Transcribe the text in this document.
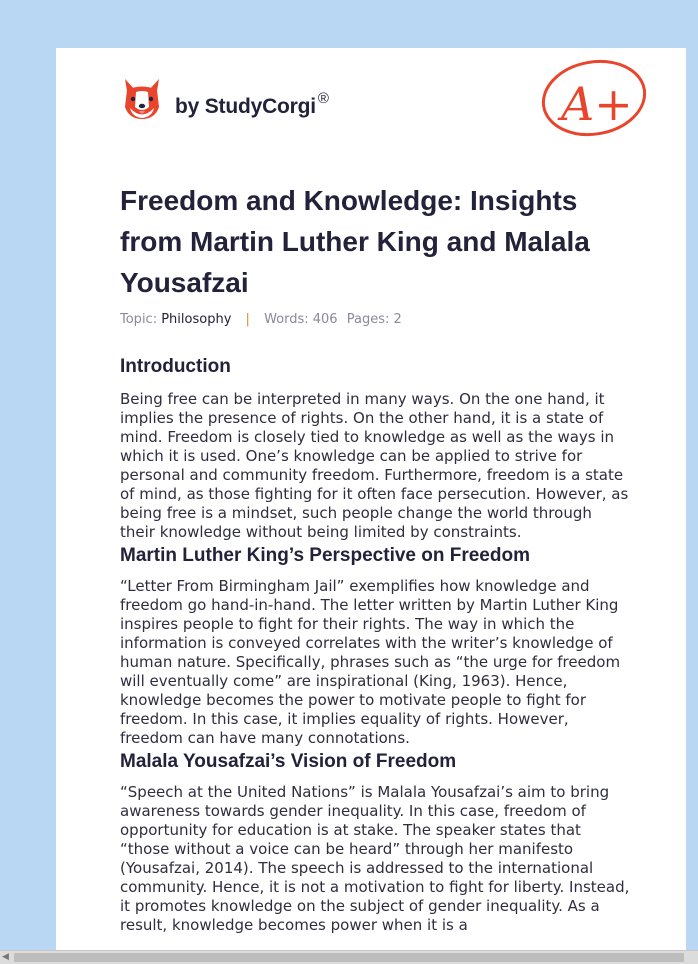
by StudyCorgi ®	A+
Freedom and Knowledge: Insights from Martin Luther King and Malala Yousafzai
Topic: Philosophy | Words: 406 Pages: 2
Introduction

Being free can be interpreted in many ways. On the one hand, it implies the presence of rights. On the other hand, it is a state of mind. Freedom is closely tied to knowledge as well as the ways in which it is used. One’s knowledge can be applied to strive for personal and community freedom. Furthermore, freedom is a state of mind, as those fighting for it often face persecution. However, as being free is a mindset, such people change the world through their knowledge without being limited by constraints.

Martin Luther King’s Perspective on Freedom

“Letter From Birmingham Jail” exemplifies how knowledge and freedom go hand-in-hand. The letter written by Martin Luther King inspires people to fight for their rights. The way in which the information is conveyed correlates with the writer’s knowledge of human nature. Specifically, phrases such as “the urge for freedom will eventually come” are inspirational (King, 1963). Hence, knowledge becomes the power to motivate people to fight for freedom. In this case, it implies equality of rights. However, freedom can have many connotations.

Malala Yousafzai’s Vision of Freedom

“Speech at the United Nations” is Malala Yousafzai’s aim to bring awareness towards gender inequality. In this case, freedom of opportunity for education is at stake. The speaker states that “those without a voice can be heard” through her manifesto (Yousafzai, 2014). The speech is addressed to the international community. Hence, it is not a motivation to fight for liberty. Instead, it promotes knowledge on the subject of gender inequality. As a result, knowledge becomes power when it is a

◀
